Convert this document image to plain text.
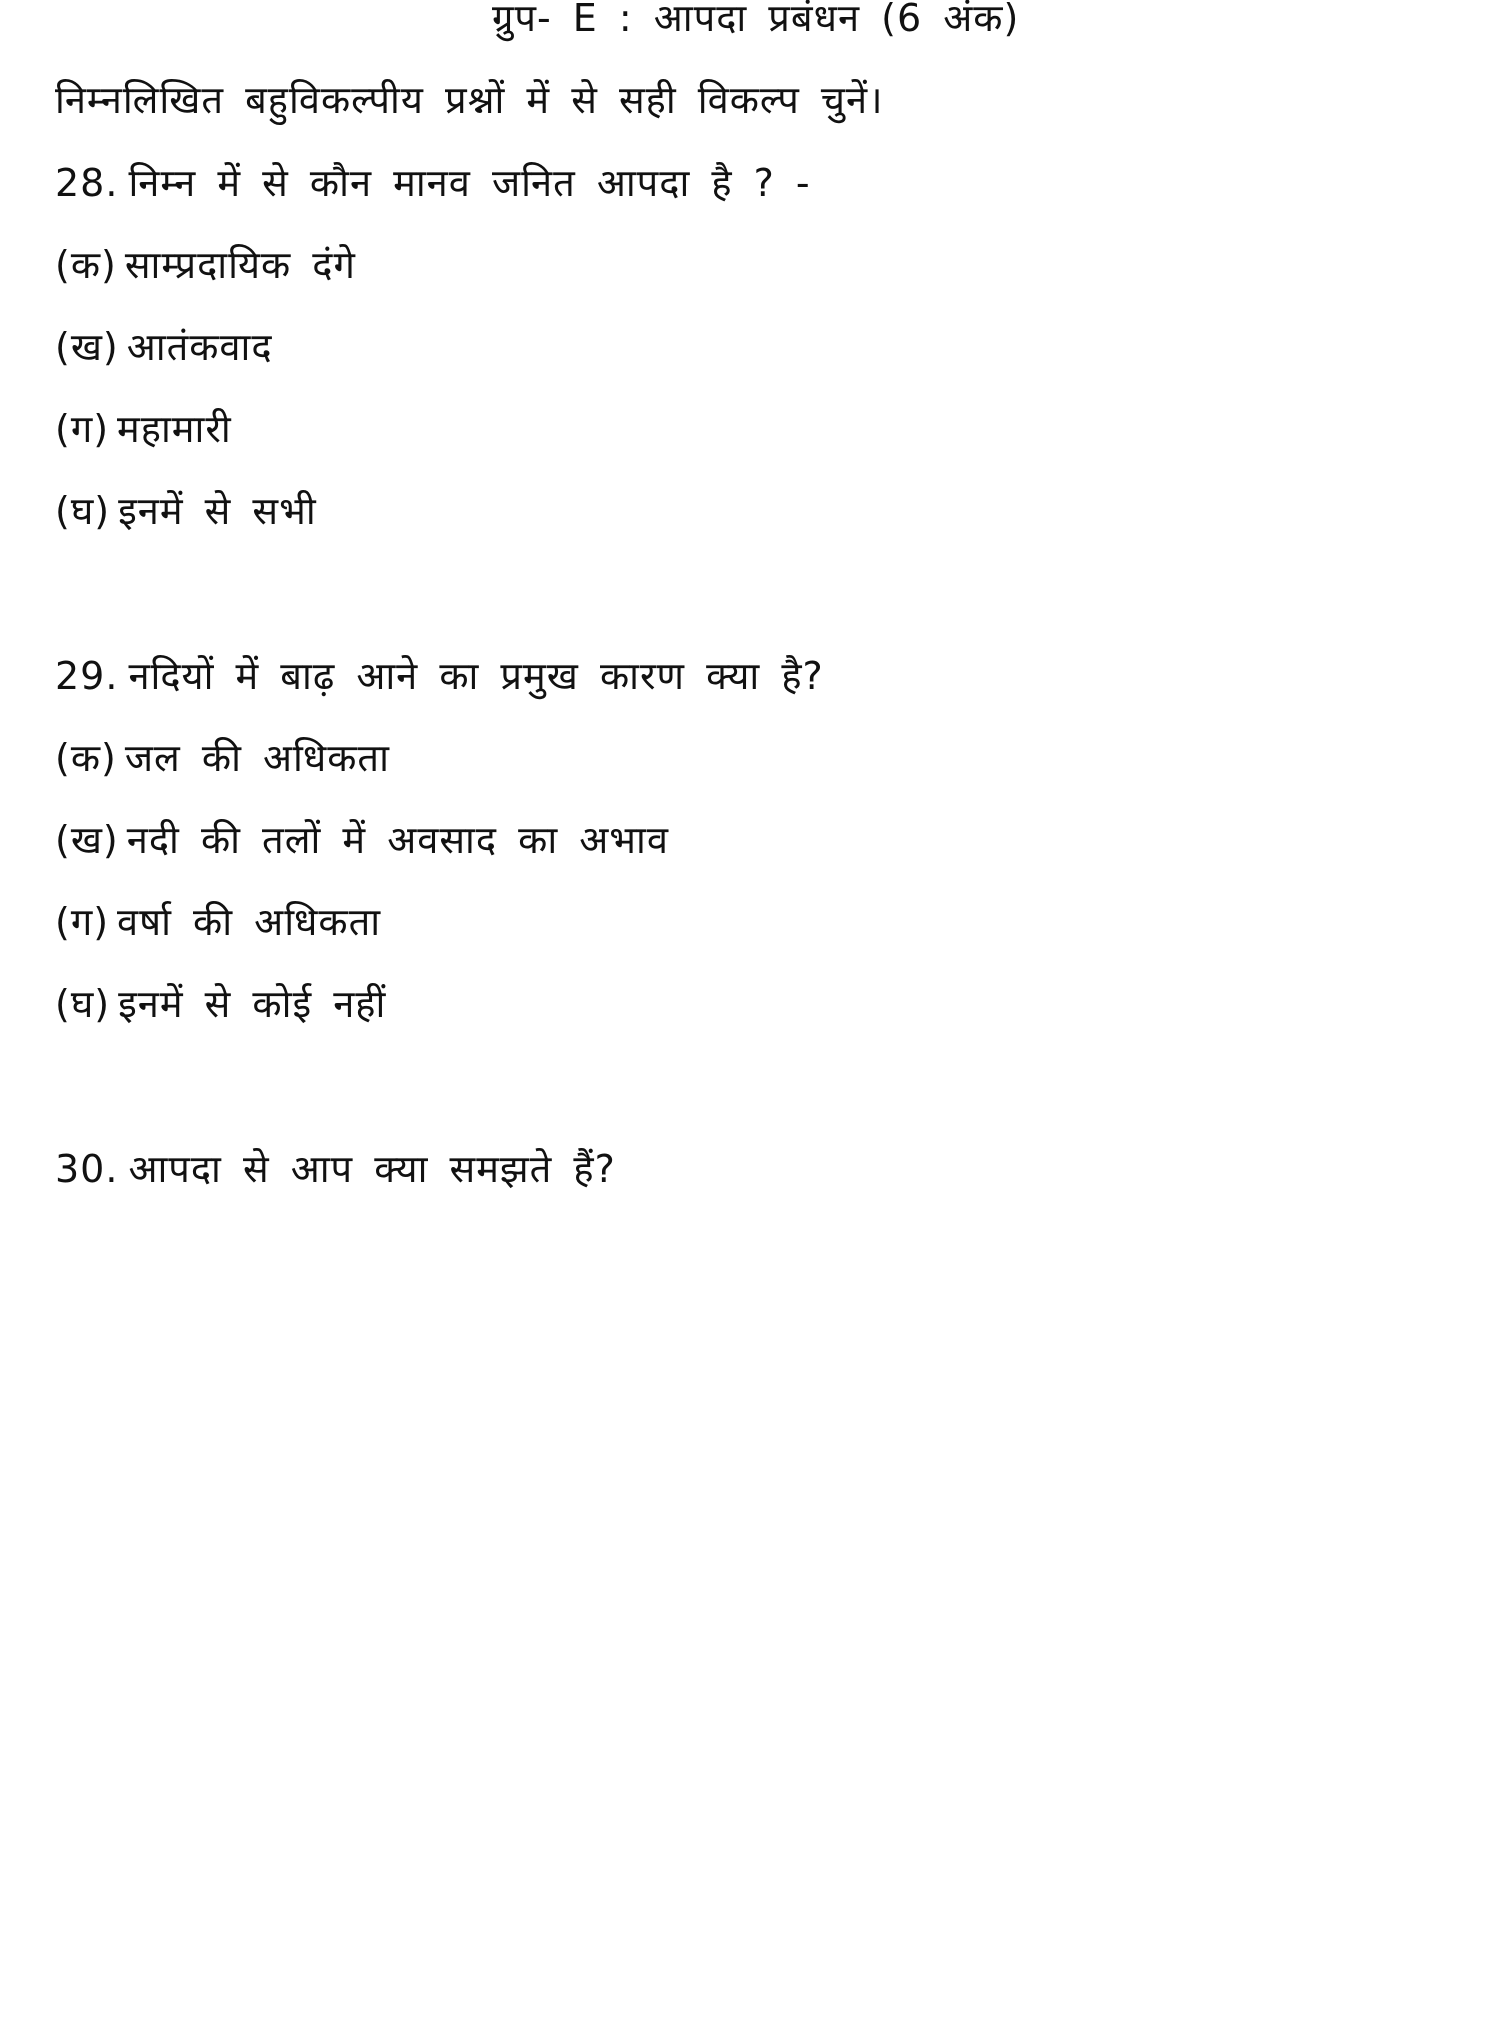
ग्रुप- E : आपदा प्रबंधन (6 अंक)
निम्नलिखित बहुविकल्पीय प्रश्नों में से सही विकल्प चुनें।
28. निम्न में से कौन मानव जनित आपदा है ? -
(क) साम्प्रदायिक दंगे
(ख) आतंकवाद
(ग) महामारी
(घ) इनमें से सभी
29. नदियों में बाढ़ आने का प्रमुख कारण क्या है?
(क) जल की अधिकता
(ख) नदी की तलों में अवसाद का अभाव
(ग) वर्षा की अधिकता
(घ) इनमें से कोई नहीं
30. आपदा से आप क्या समझते हैं?
